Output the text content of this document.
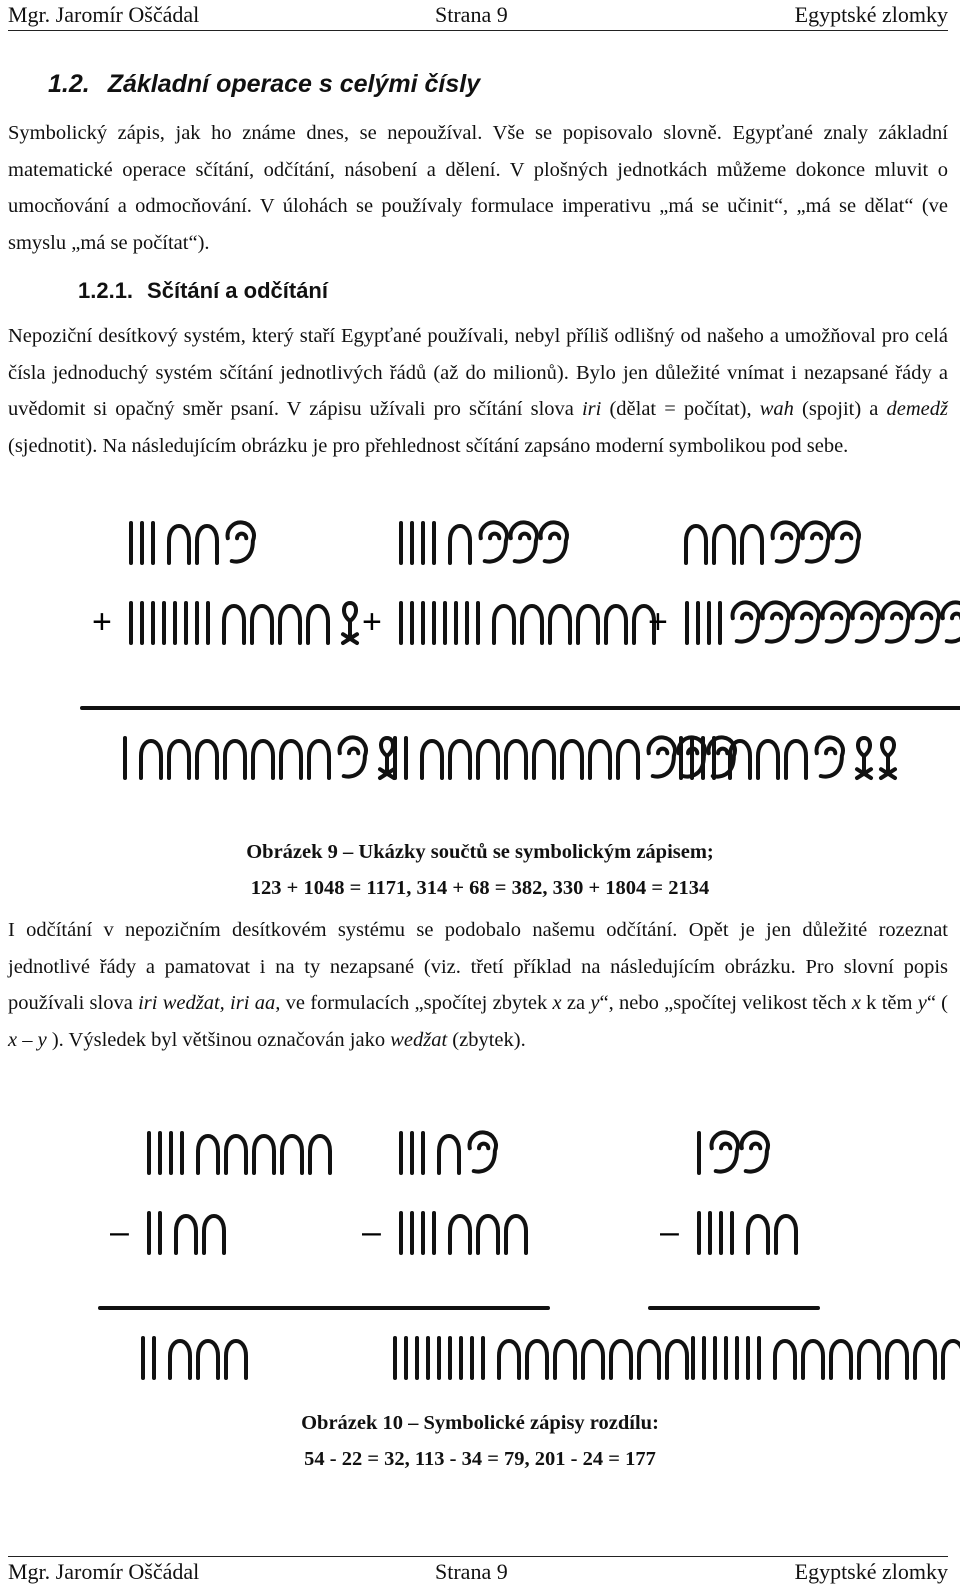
Mgr. Jaromír Oščádal	Strana 9	Egyptské zlomky
1.2. Základní operace s celými čísly

Symbolický zápis, jak ho známe dnes, se nepoužíval. Vše se popisovalo slovně. Egypťané znaly základní matematické operace sčítání, odčítání, násobení a dělení. V plošných jednotkách můžeme dokonce mluvit o umocňování a odmocňování. V úlohách se používaly formulace imperativu „má se učinit“, „má se dělat“ (ve smyslu „má se počítat“).

1.2.1. Sčítání a odčítání

Nepoziční desítkový systém, který staří Egypťané používali, nebyl příliš odlišný od našeho a umožňoval pro celá čísla jednoduchý systém sčítání jednotlivých řádů (až do milionů). Bylo jen důležité vnímat i nezapsané řády a uvědomit si opačný směr psaní. V zápisu užívali pro sčítání slova iri (dělat = počítat), wah (spojit) a demedž (sjednotit). Na následujícím obrázku je pro přehlednost sčítání zapsáno moderní symbolikou pod sebe.

+	+	+
Obrázek 9 – Ukázky součtů se symbolickým zápisem;
123 + 1048 = 1171, 314 + 68 = 382, 330 + 1804 = 2134

I odčítání v nepozičním desítkovém systému se podobalo našemu odčítání. Opět je jen důležité rozeznat jednotlivé řády a pamatovat i na ty nezapsané (viz. třetí příklad na následujícím obrázku. Pro slovní popis používali slova iri wedžat, iri aa, ve formulacích „spočítej zbytek x za y“, nebo „spočítej velikost těch x k těm y“ ( x – y ). Výsledek byl většinou označován jako wedžat (zbytek).

–	–	–
Obrázek 10 – Symbolické zápisy rozdílu:
54 - 22 = 32, 113 - 34 = 79, 201 - 24 = 177
Mgr. Jaromír Oščádal	Strana 9	Egyptské zlomky
